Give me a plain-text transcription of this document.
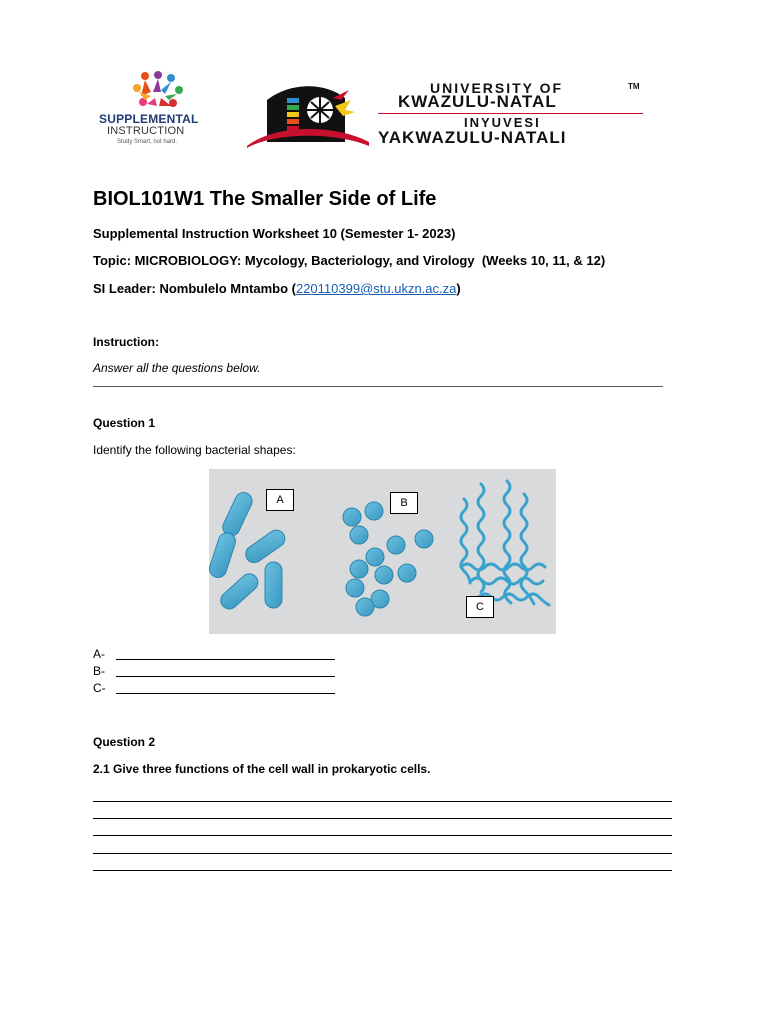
SUPPLEMENTAL
INSTRUCTION
Study Smart, not hard.
UNIVERSITY OF	TM
KWAZULU-NATAL
INYUVESI
YAKWAZULU-NATALI
BIOL101W1 The Smaller Side of Life
Supplemental Instruction Worksheet 10 (Semester 1- 2023)
Topic: MICROBIOLOGY: Mycology, Bacteriology, and Virology  (Weeks 10, 11, & 12)
SI Leader: Nombulelo Mntambo (220110399@stu.ukzn.ac.za)
Instruction:
Answer all the questions below.
Question 1
Identify the following bacterial shapes:
A	B
C
A-
B-
C-
Question 2
2.1 Give three functions of the cell wall in prokaryotic cells.
